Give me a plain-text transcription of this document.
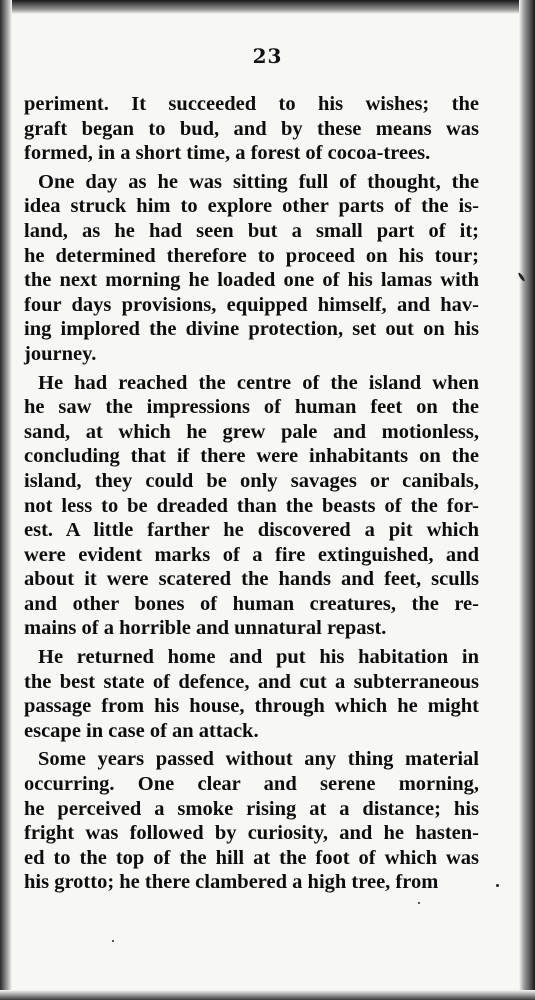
23
periment. It succeeded to his wishes; the
graft began to bud, and by these means was
formed, in a short time, a forest of cocoa-trees.
One day as he was sitting full of thought, the
idea struck him to explore other parts of the is-
land, as he had seen but a small part of it;
he determined therefore to proceed on his tour;
the next morning he loaded one of his lamas with
four days provisions, equipped himself, and hav-
ing implored the divine protection, set out on his
journey.
He had reached the centre of the island when
he saw the impressions of human feet on the
sand, at which he grew pale and motionless,
concluding that if there were inhabitants on the
island, they could be only savages or canibals,
not less to be dreaded than the beasts of the for-
est. A little farther he discovered a pit which
were evident marks of a fire extinguished, and
about it were scatered the hands and feet, sculls
and other bones of human creatures, the re-
mains of a horrible and unnatural repast.
He returned home and put his habitation in
the best state of defence, and cut a subterraneous
passage from his house, through which he might
escape in case of an attack.
Some years passed without any thing material
occurring. One clear and serene morning,
he perceived a smoke rising at a distance; his
fright was followed by curiosity, and he hasten-
ed to the top of the hill at the foot of which was
his grotto; he there clambered a high tree, from
